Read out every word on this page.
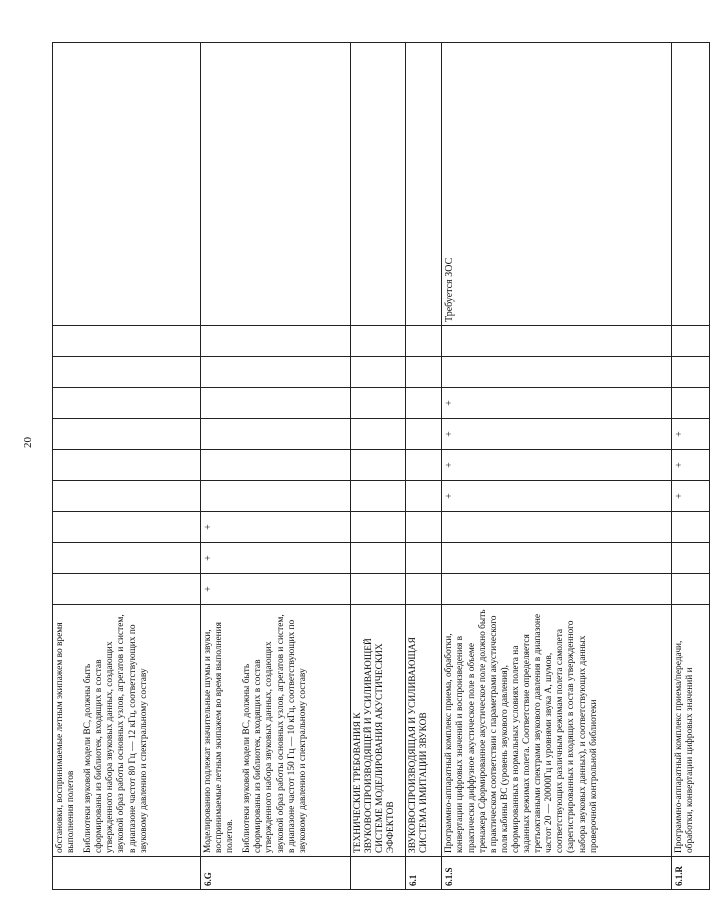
20

	обстановки, воспринимаемые летным экипажем во время выполнения полетов Библиотеки звуковой модели ВС, должны быть сформированы из библиотек, входящих в состав утвержденного набора звуковых данных, создающих звуковой образ работы основных узлов, агрегатов и систем, в диапазоне частот 80 Гц — 12 кГц, соответствующих по звуковому давлению и спектральному составу										

6.G	Моделированию подлежат значительные шумы и звуки, воспринимаемые летным экипажем во время выполнения полетов. Библиотеки звуковой модели ВС, должны быть сформированы из библиотек, входящих в состав утвержденного набора звуковых данных, создающих звуковой образ работы основных узлов, агрегатов и систем, в диапазоне частот 150 Гц — 10 кГц, соответствующих по звуковому давлению и спектральному составу	+	+	+							

	ТЕХНИЧЕСКИЕ ТРЕБОВАНИЯ К ЗВУКОВОСПРОИЗВОДЯЩЕЙ И УСИЛИВАЮЩЕЙ СИСТЕМЕ МОДЕЛИРОВАНИЯ АКУСТИЧЕСКИХ ЭФФЕКТОВ										

6.1	ЗВУКОВОСПРОИЗВОДЯЩАЯ И УСИЛИВАЮЩАЯ СИСТЕМА ИМИТАЦИИ ЗВУКОВ										

6.1.S	Программно-аппаратный комплекс приема, обработки, конвертации цифровых значений и воспроизведения в практически диффузное акустическое поле в объеме тренажера Сформированное акустическое поле должно быть в практическом соответствии с параметрами акустического поля кабины ВС (уровень звукового давления), сформированных в нормальных условиях полета на заданных режимах полета. Соответствие определяется третьоктавными спектрами звукового давления в диапазоне частот 20 — 20000Гц и уровнями звука А, шумов, соответствующих различным режимам полета самолета (зарегистрированных и входящих в состав утвержденного набора звуковых данных), и соответствующих данных проверочной контрольной библиотеки				+	+	+	+			Требуется ЗОС
6.1.R	Программно-аппаратный комплекс приема/передачи, обработки, конвертации цифровых значений и				+	+	+				
